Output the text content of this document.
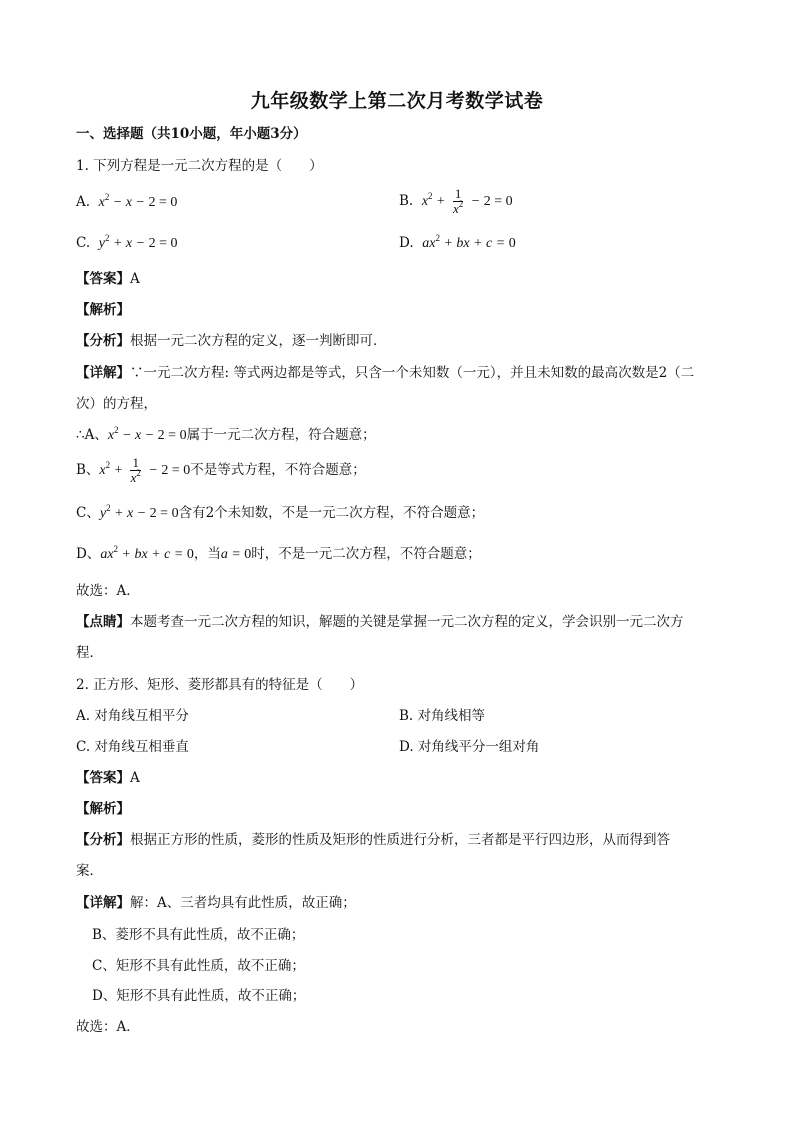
九年级数学上第二次月考数学试卷
一、选择题（共10小题，年小题3分）
1. 下列方程是一元二次方程的是（　　）
A. $x^2 - x - 2 = 0$	B. $x^2 + \frac{1}{x^2} - 2 = 0$
C. $y^2 + x - 2 = 0$	D. $ax^2$ + bx + c = 0
【答案】A
【解析】
【分析】根据一元二次方程的定义，逐一判断即可．
【详解】∵一元二次方程: 等式两边都是等式，只含一个未知数（一元），并且未知数的最高次数是2（二
次）的方程，
∴A、$x^2 - x - 2 = 0$属于一元二次方程，符合题意；
B、$x^2 + \frac{1}{x^2} - 2 = 0$不是等式方程，不符合题意；
C、$y^2 + x - 2 = 0$含有2个未知数，不是一元二次方程，不符合题意；
D、$ax^2$ + bx + c = 0，当a = 0时，不是一元二次方程，不符合题意；
故选：A．
【点睛】本题考查一元二次方程的知识，解题的关键是掌握一元二次方程的定义，学会识别一元二次方
程．
2. 正方形、矩形、菱形都具有的特征是（　　）
A. 对角线互相平分	B. 对角线相等
C. 对角线互相垂直	D. 对角线平分一组对角
【答案】A
【解析】
【分析】根据正方形的性质，菱形的性质及矩形的性质进行分析，三者都是平行四边形，从而得到答
案．
【详解】解：A、三者均具有此性质，故正确；
B、菱形不具有此性质，故不正确；
C、矩形不具有此性质，故不正确；
D、矩形不具有此性质，故不正确；
故选：A．
